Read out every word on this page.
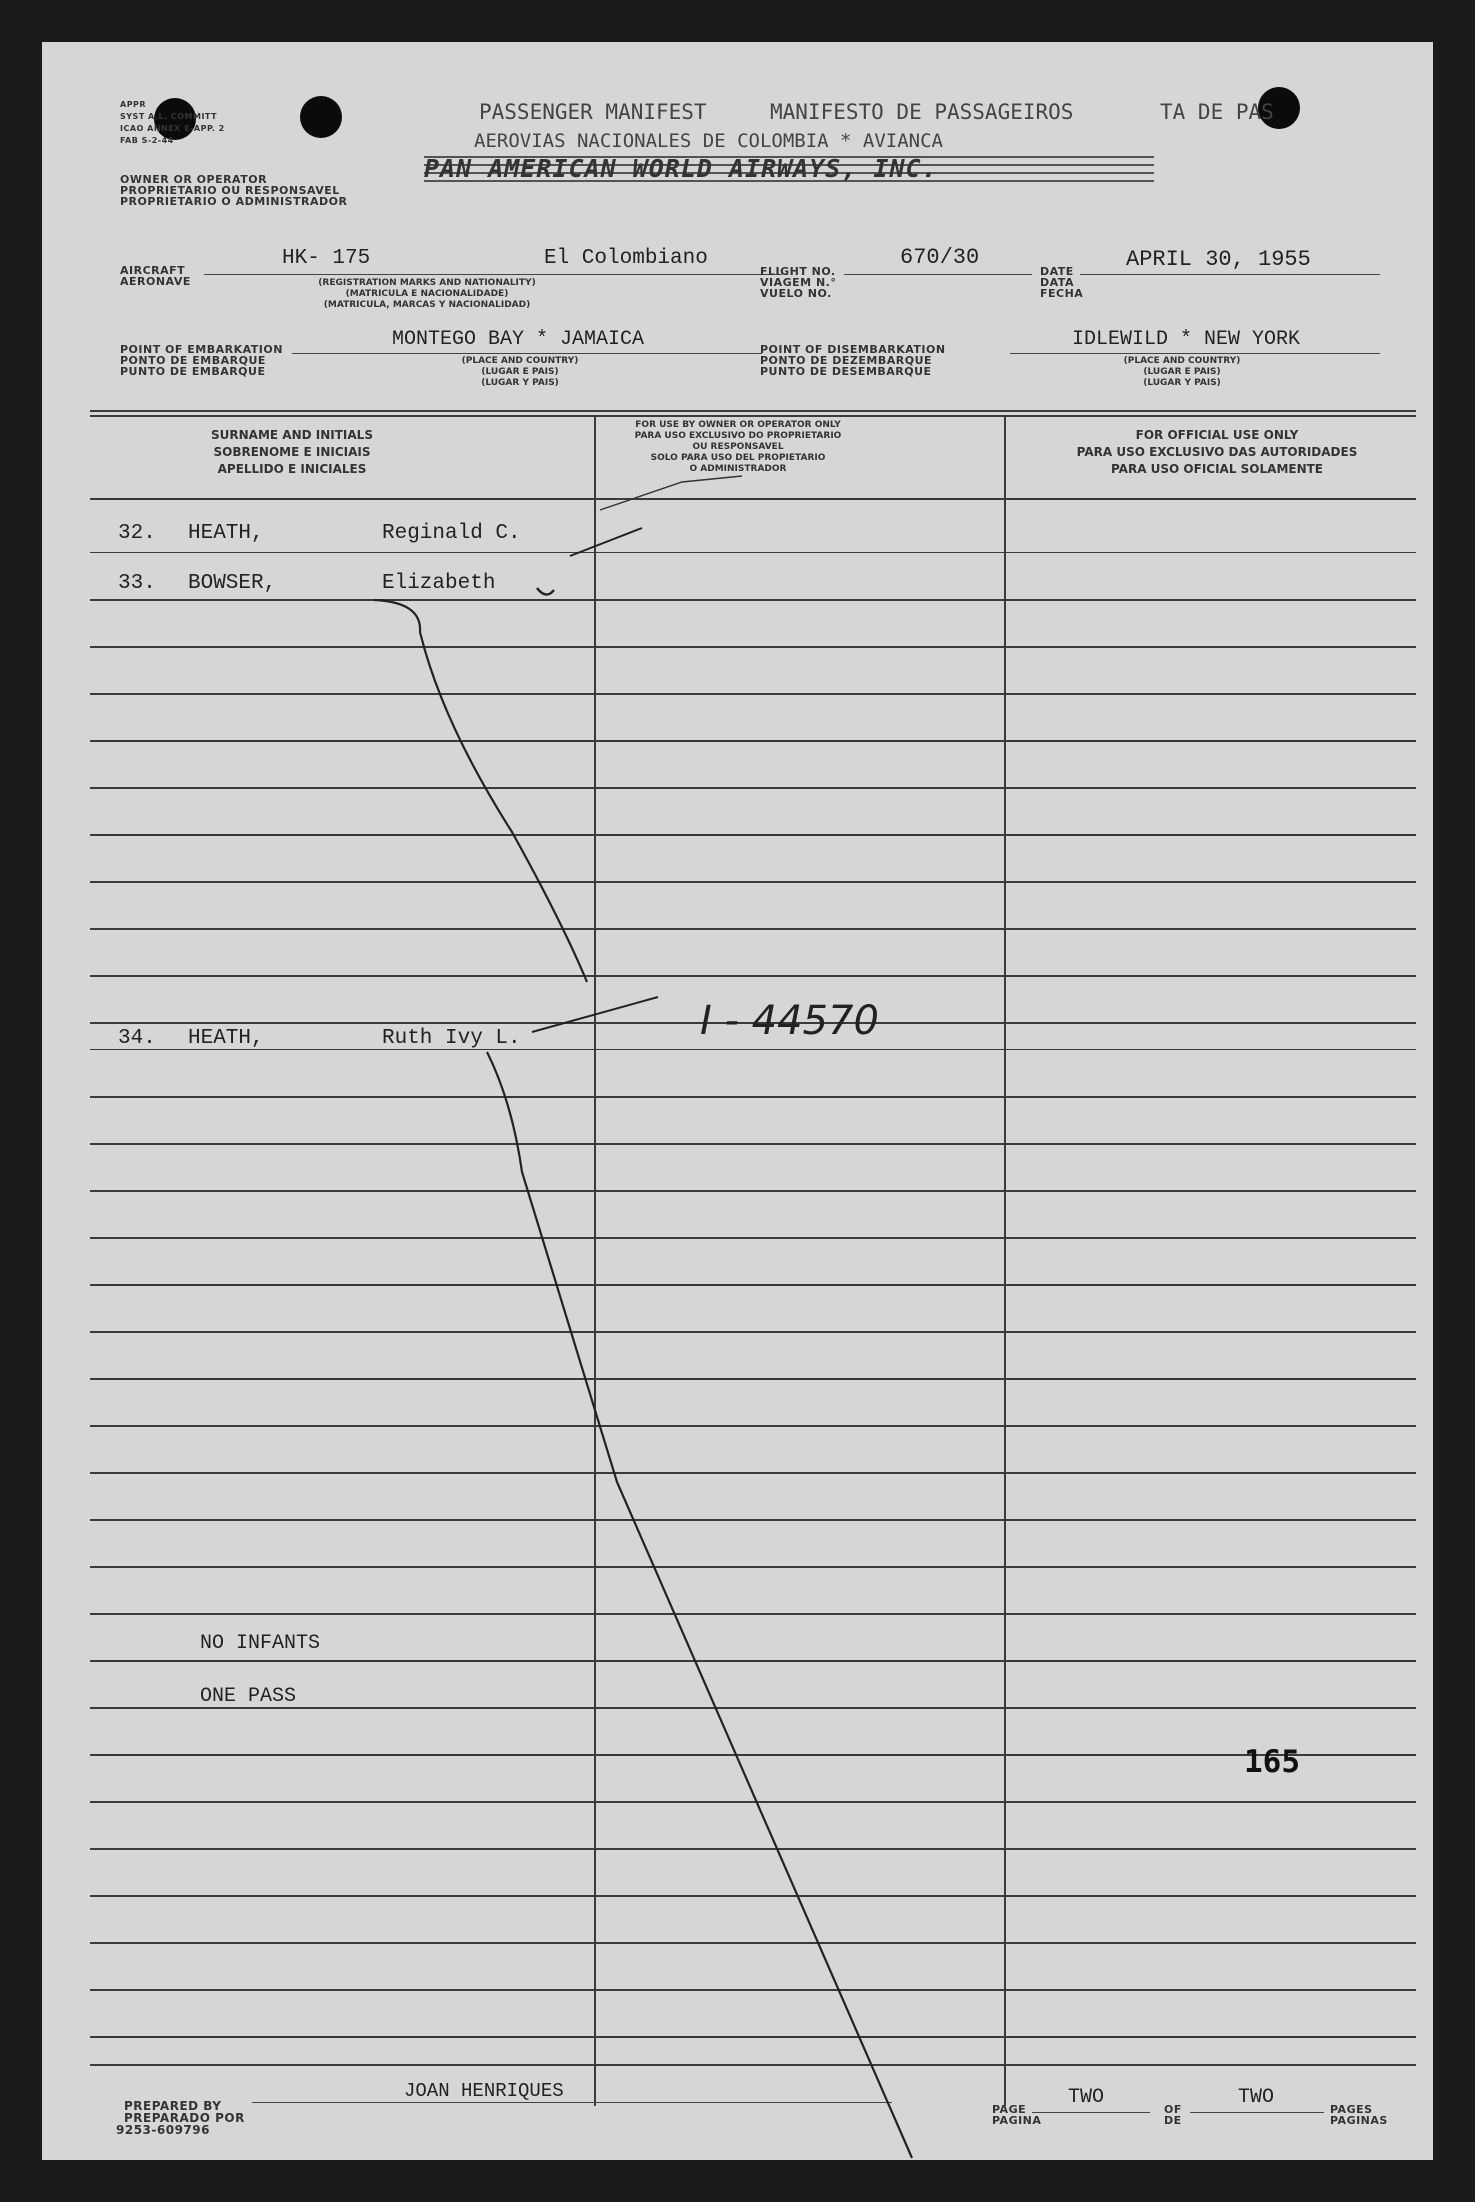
APPR
SYST A.L. COMMITT
ICAO ANNEX E-APP. 2
FAB S-2-44
PASSENGER MANIFEST	MANIFESTO DE PASSAGEIROS	TA DE PAS
AEROVIAS NACIONALES DE COLOMBIA * AVIANCA
PAN AMERICAN WORLD AIRWAYS, INC.
OWNER OR OPERATOR
PROPRIETARIO OU RESPONSAVEL
PROPRIETARIO O ADMINISTRADOR
AIRCRAFT
AERONAVE
HK- 175	El Colombiano
(REGISTRATION MARKS AND NATIONALITY)
(MATRICULA E NACIONALIDADE)
(MATRICULA, MARCAS Y NACIONALIDAD)
FLIGHT NO.
VIAGEM N.°
VUELO NO.
670/30
DATE
DATA
FECHA
APRIL 30, 1955
POINT OF EMBARKATION
PONTO DE EMBARQUE
PUNTO DE EMBARQUE
MONTEGO BAY * JAMAICA
(PLACE AND COUNTRY)
(LUGAR E PAIS)
(LUGAR Y PAIS)
POINT OF DISEMBARKATION
PONTO DE DEZEMBARQUE
PUNTO DE DESEMBARQUE
IDLEWILD * NEW YORK
(PLACE AND COUNTRY)
(LUGAR E PAIS)
(LUGAR Y PAIS)
SURNAME AND INITIALS
SOBRENOME E INICIAIS
APELLIDO E INICIALES
FOR USE BY OWNER OR OPERATOR ONLY
PARA USO EXCLUSIVO DO PROPRIETARIO
OU RESPONSAVEL
SOLO PARA USO DEL PROPIETARIO
O ADMINISTRADOR
FOR OFFICIAL USE ONLY
PARA USO EXCLUSIVO DAS AUTORIDADES
PARA USO OFICIAL SOLAMENTE
32. HEATH,	Reginald C.
33. BOWSER,	Elizabeth
34. HEATH,	Ruth Ivy L.	I - 44570
NO INFANTS
ONE PASS
165
PREPARED BY
PREPARADO POR
9253-609796
JOAN HENRIQUES
PAGE
PAGINA
TWO
OF
DE
TWO
PAGES
PAGINAS
